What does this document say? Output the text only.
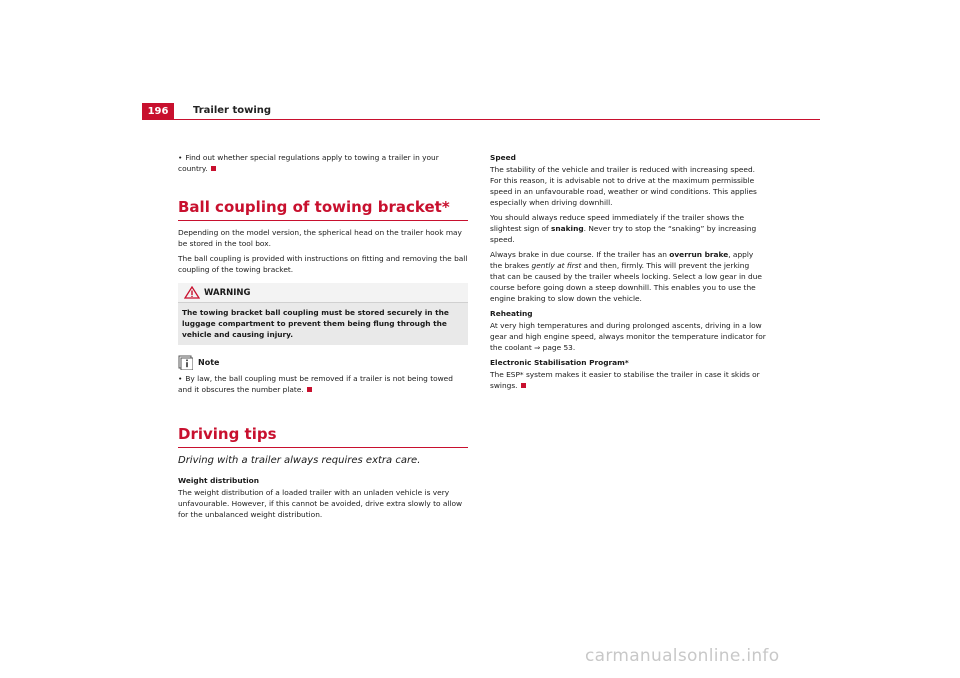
196	Trailer towing
• Find out whether special regulations apply to towing a trailer in your country.
Ball coupling of towing bracket*

Depending on the model version, the spherical head on the trailer hook may be stored in the tool box.

The ball coupling is provided with instructions on fitting and removing the ball coupling of the towing bracket.

WARNING
The towing bracket ball coupling must be stored securely in the luggage compartment to prevent them being flung through the vehicle and causing injury.
Note
• By law, the ball coupling must be removed if a trailer is not being towed and it obscures the number plate.
Driving tips
Driving with a trailer always requires extra care.
Weight distribution

The weight distribution of a loaded trailer with an unladen vehicle is very unfavourable. However, if this cannot be avoided, drive extra slowly to allow for the unbalanced weight distribution.

Speed

The stability of the vehicle and trailer is reduced with increasing speed. For this reason, it is advisable not to drive at the maximum permissible speed in an unfavourable road, weather or wind conditions. This applies especially when driving downhill.

You should always reduce speed immediately if the trailer shows the slightest sign of snaking. Never try to stop the “snaking” by increasing speed.

Always brake in due course. If the trailer has an overrun brake, apply the brakes gently at first and then, firmly. This will prevent the jerking that can be caused by the trailer wheels locking. Select a low gear in due course before going down a steep downhill. This enables you to use the engine braking to slow down the vehicle.

Reheating

At very high temperatures and during prolonged ascents, driving in a low gear and high engine speed, always monitor the temperature indicator for the coolant ⇒ page 53.

Electronic Stabilisation Program*

The ESP* system makes it easier to stabilise the trailer in case it skids or swings.

carmanualsonline.info
